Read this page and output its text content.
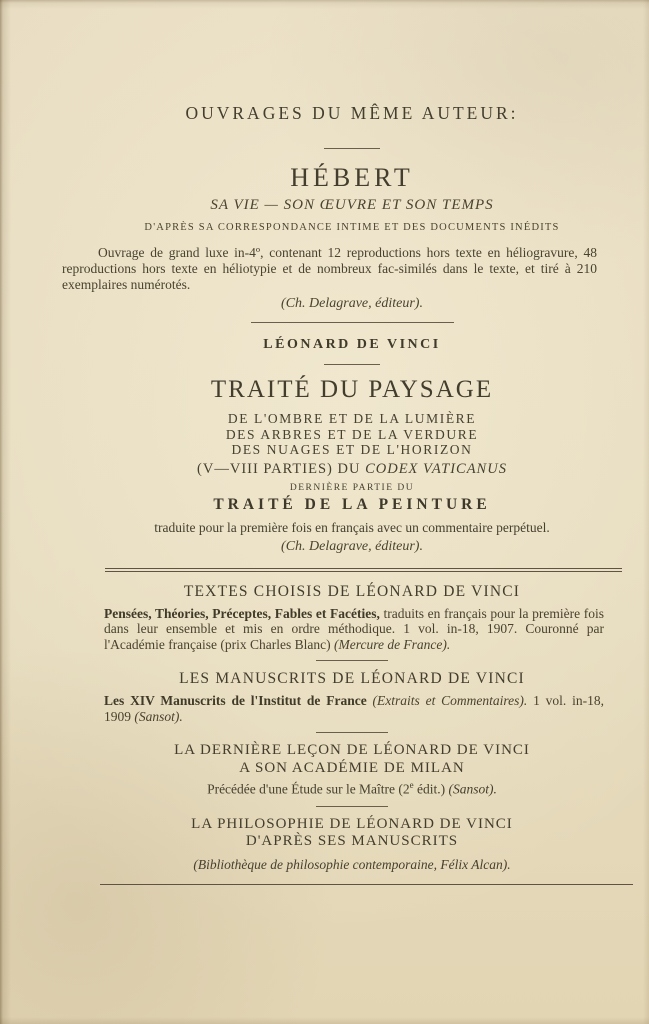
OUVRAGES DU MÊME AUTEUR:
HÉBERT
SA VIE — SON ŒUVRE ET SON TEMPS
D'APRÈS SA CORRESPONDANCE INTIME ET DES DOCUMENTS INÉDITS

Ouvrage de grand luxe in-4º, contenant 12 reproductions hors texte en héliogravure, 48 reproductions hors texte en héliotypie et de nombreux fac-similés dans le texte, et tiré à 210 exemplaires numérotés.

(Ch. Delagrave, éditeur).
LÉONARD DE VINCI
TRAITÉ DU PAYSAGE
DE L'OMBRE ET DE LA LUMIÈRE
DES ARBRES ET DE LA VERDURE
DES NUAGES ET DE L'HORIZON
(V—VIII PARTIES) DU CODEX VATICANUS
DERNIÈRE PARTIE DU
TRAITÉ DE LA PEINTURE
traduite pour la première fois en français avec un commentaire perpétuel.
(Ch. Delagrave, éditeur).
TEXTES CHOISIS DE LÉONARD DE VINCI

Pensées, Théories, Préceptes, Fables et Facéties, traduits en français pour la première fois dans leur ensemble et mis en ordre méthodique. 1 vol. in-18, 1907. Couronné par l'Académie française (prix Charles Blanc) (Mercure de France).

LES MANUSCRITS DE LÉONARD DE VINCI

Les XIV Manuscrits de l'Institut de France (Extraits et Commentaires). 1 vol. in-18, 1909 (Sansot).

LA DERNIÈRE LEÇON DE LÉONARD DE VINCI
A SON ACADÉMIE DE MILAN
Précédée d'une Étude sur le Maître (2e édit.) (Sansot).
LA PHILOSOPHIE DE LÉONARD DE VINCI
D'APRÈS SES MANUSCRITS
(Bibliothèque de philosophie contemporaine, Félix Alcan).
